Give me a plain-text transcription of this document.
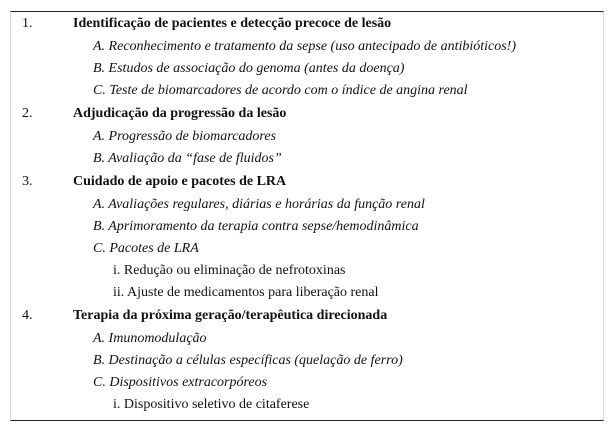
1.	Identificação de pacientes e detecção precoce de lesão
A. Reconhecimento e tratamento da sepse (uso antecipado de antibióticos!)
B. Estudos de associação do genoma (antes da doença)
C. Teste de biomarcadores de acordo com o índice de angina renal
2.	Adjudicação da progressão da lesão
A. Progressão de biomarcadores
B. Avaliação da “fase de fluidos”
3.	Cuidado de apoio e pacotes de LRA
A. Avaliações regulares, diárias e horárias da função renal
B. Aprimoramento da terapia contra sepse/hemodinâmica
C. Pacotes de LRA
i. Redução ou eliminação de nefrotoxinas
ii. Ajuste de medicamentos para liberação renal
4.	Terapia da próxima geração/terapêutica direcionada
A. Imunomodulação
B. Destinação a células específicas (quelação de ferro)
C. Dispositivos extracorpóreos
i. Dispositivo seletivo de citaferese
